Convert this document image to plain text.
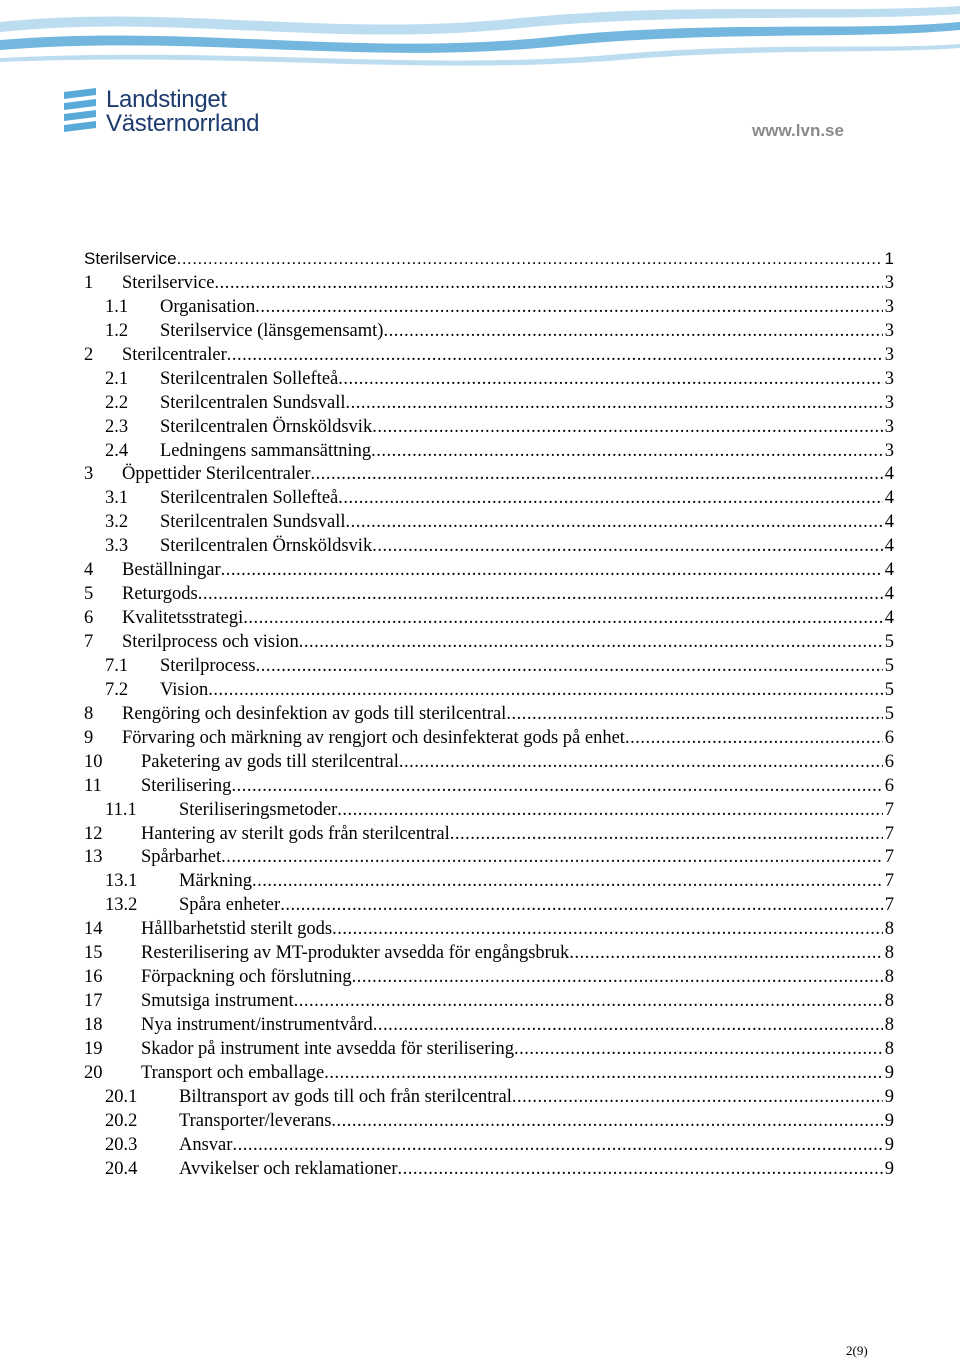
Landstinget
Västernorrland	www.lvn.se
Sterilservice .....	1
1	Sterilservice .....	3
1.1	Organisation .....	3
1.2	Sterilservice (länsgemensamt) .....	3
2	Sterilcentraler .....	3
2.1	Sterilcentralen Sollefteå .....	3
2.2	Sterilcentralen Sundsvall .....	3
2.3	Sterilcentralen Örnsköldsvik .....	3
2.4	Ledningens sammansättning .....	3
3	Öppettider Sterilcentraler .....	4
3.1	Sterilcentralen Sollefteå .....	4
3.2	Sterilcentralen Sundsvall .....	4
3.3	Sterilcentralen Örnsköldsvik .....	4
4	Beställningar .....	4
5	Returgods .....	4
6	Kvalitetsstrategi .....	4
7	Sterilprocess och vision .....	5
7.1	Sterilprocess .....	5
7.2	Vision .....	5
8	Rengöring och desinfektion av gods till sterilcentral .....	5
9	Förvaring och märkning av rengjort och desinfekterat gods på enhet .....	6
10	Paketering av gods till sterilcentral .....	6
11	Sterilisering .....	6
11.1	Steriliseringsmetoder .....	7
12	Hantering av sterilt gods från sterilcentral .....	7
13	Spårbarhet .....	7
13.1	Märkning .....	7
13.2	Spåra enheter .....	7
14	Hållbarhetstid sterilt gods .....	8
15	Resterilisering av MT-produkter avsedda för engångsbruk .....	8
16	Förpackning och förslutning .....	8
17	Smutsiga instrument .....	8
18	Nya instrument/instrumentvård .....	8
19	Skador på instrument inte avsedda för sterilisering .....	8
20	Transport och emballage .....	9
20.1	Biltransport av gods till och från sterilcentral .....	9
20.2	Transporter/leverans .....	9
20.3	Ansvar .....	9
20.4	Avvikelser och reklamationer .....	9
2(9)
